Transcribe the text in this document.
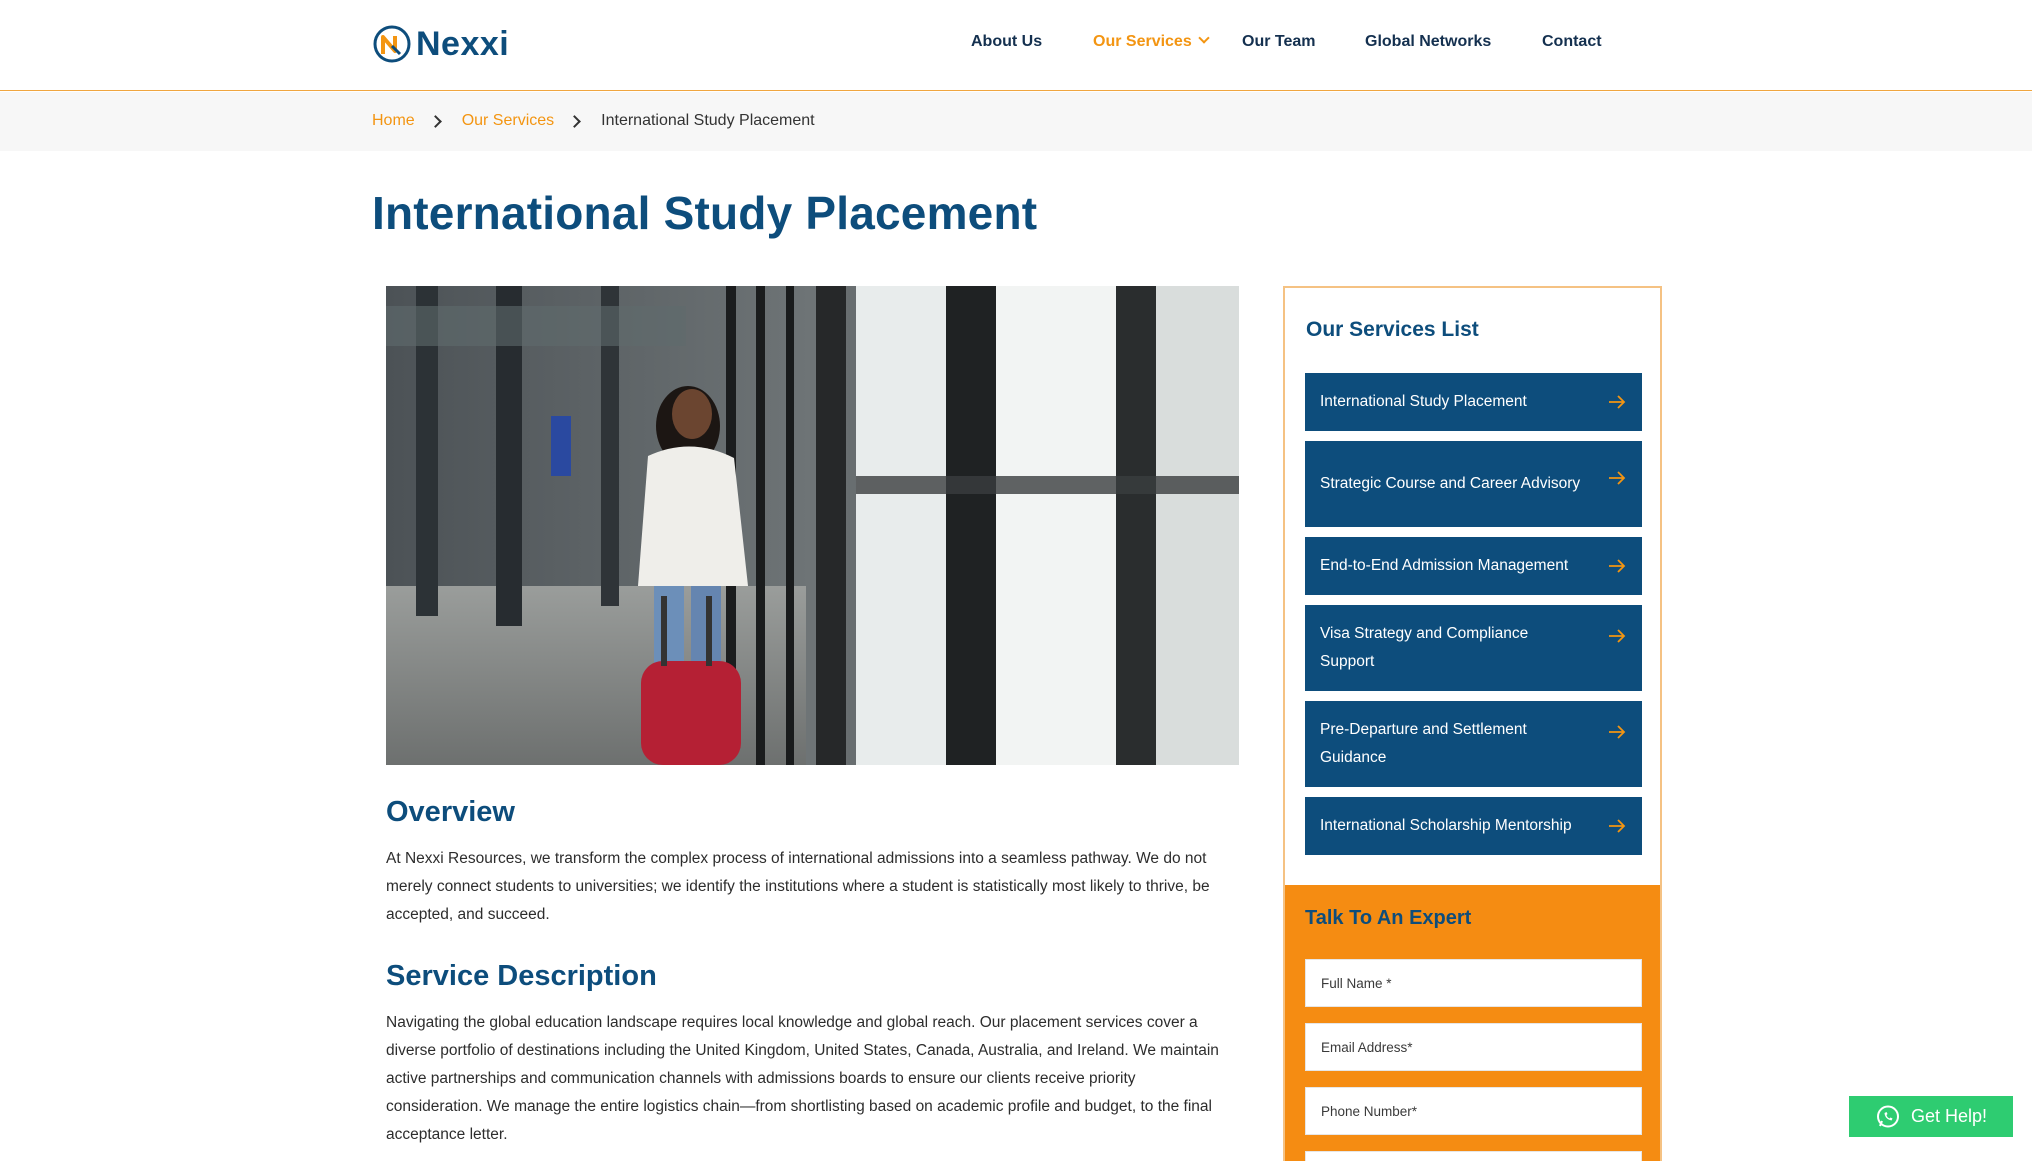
Nexxi	About Us	Our Services	Our Team	Global Networks	Contact
Home	Our Services	International Study Placement
International Study Placement
Overview

At Nexxi Resources, we transform the complex process of international admissions into a seamless pathway. We do not merely connect students to universities; we identify the institutions where a student is statistically most likely to thrive, be accepted, and succeed.

Service Description

Navigating the global education landscape requires local knowledge and global reach. Our placement services cover a diverse portfolio of destinations including the United Kingdom, United States, Canada, Australia, and Ireland. We maintain active partnerships and communication channels with admissions boards to ensure our clients receive priority consideration. We manage the entire logistics chain—from shortlisting based on academic profile and budget, to the final acceptance letter.

Our Services List
International Study Placement
Strategic Course and Career Advisory
End-to-End Admission Management
Visa Strategy and Compliance Support
Pre-Departure and Settlement Guidance
International Scholarship Mentorship
Talk To An Expert
Full Name *
Email Address*
Phone Number*
Get Help!
